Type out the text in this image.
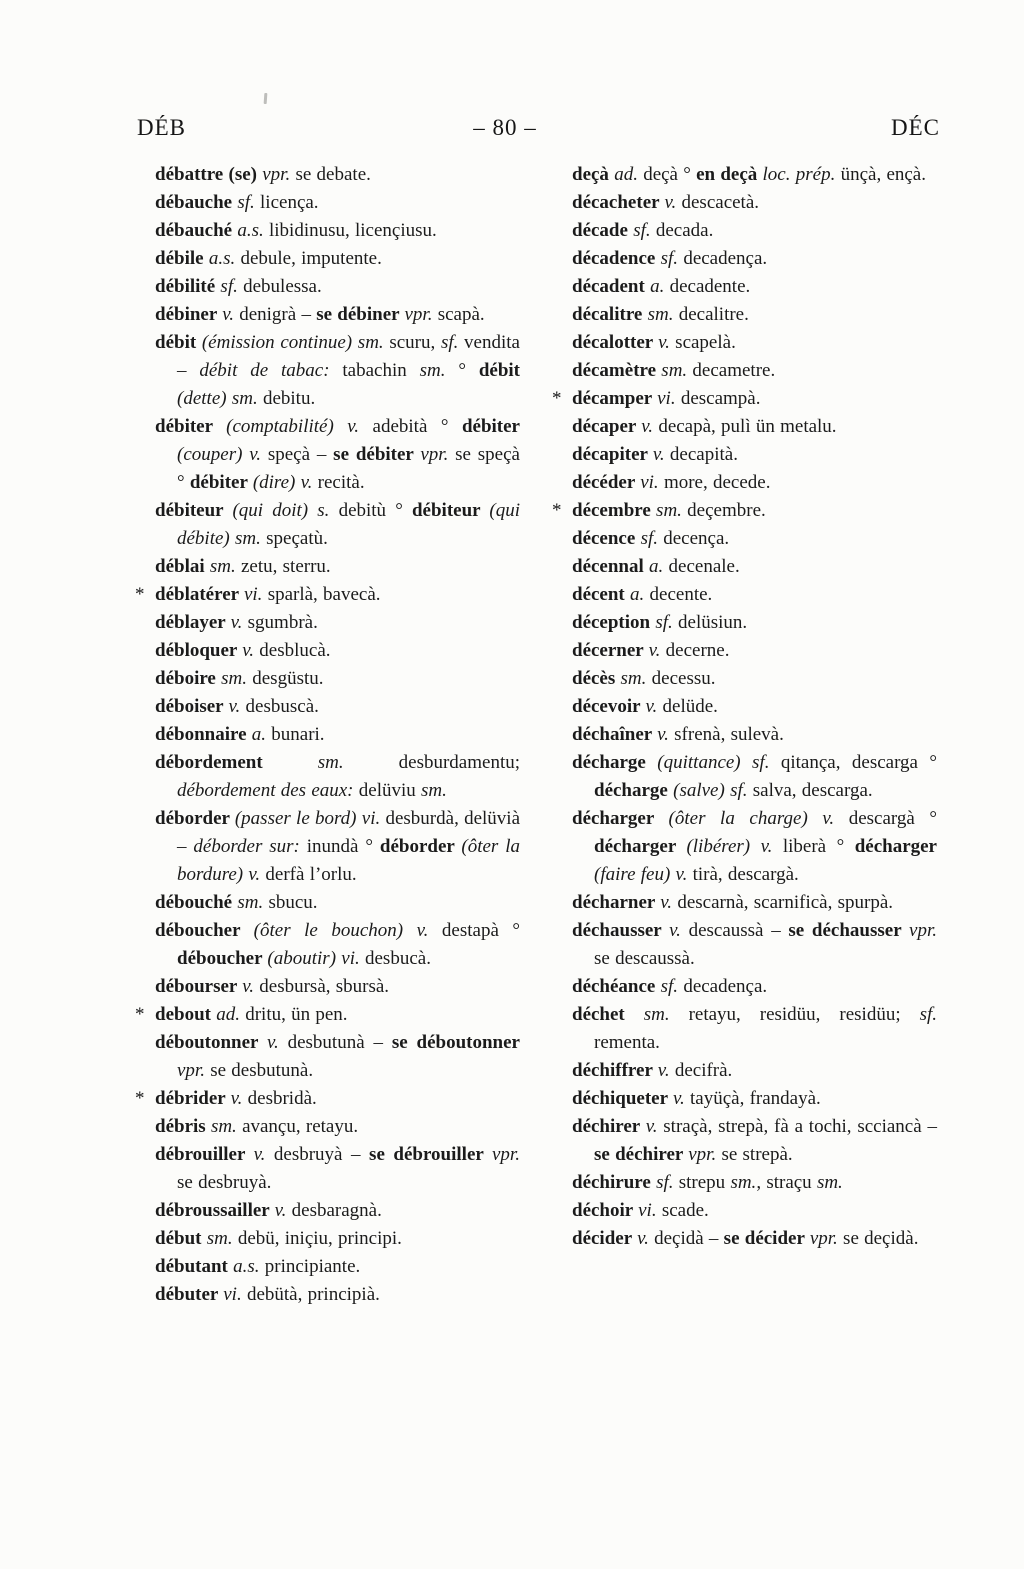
DÉB	– 80 –	DÉC

débattre (se) vpr. se debate.

débauche sf. licença.

débauché a.s. libidinusu, licençiusu.

débile a.s. debule, imputente.

débilité sf. debulessa.

débiner v. denigrà – se débiner vpr. scapà.

débit (émission continue) sm. scuru, sf. vendita – débit de tabac: tabachin sm. ° débit (dette) sm. debitu.

débiter (comptabilité) v. adebità ° débiter (couper) v. speçà – se débiter vpr. se speçà ° débiter (dire) v. recità.

débiteur (qui doit) s. debitù ° débiteur (qui débite) sm. speçatù.

déblai sm. zetu, sterru.

* déblatérer vi. sparlà, bavecà.

déblayer v. sgumbrà.

débloquer v. desblucà.

déboire sm. desgüstu.

déboiser v. desbuscà.

débonnaire a. bunari.

débordement sm. desburdamentu; débordement des eaux: delüviu sm.

déborder (passer le bord) vi. desburdà, delüvià – déborder sur: inundà ° déborder (ôter la bordure) v. derfà l’orlu.

débouché sm. sbucu.

déboucher (ôter le bouchon) v. destapà ° déboucher (aboutir) vi. desbucà.

débourser v. desbursà, sbursà.

* debout ad. dritu, ün pen.

déboutonner v. desbutunà – se déboutonner vpr. se desbutunà.

* débrider v. desbridà.

débris sm. avançu, retayu.

débrouiller v. desbruyà – se débrouiller vpr. se desbruyà.

débroussailler v. desbaragnà.

début sm. debü, iniçiu, principi.

débutant a.s. principiante.

débuter vi. debütà, principià.

deçà ad. deçà ° en deçà loc. prép. ünçà, ençà.

décacheter v. descacetà.

décade sf. decada.

décadence sf. decadença.

décadent a. decadente.

décalitre sm. decalitre.

décalotter v. scapelà.

décamètre sm. decametre.

* décamper vi. descampà.

décaper v. decapà, pulì ün metalu.

décapiter v. decapità.

décéder vi. more, decede.

* décembre sm. deçembre.

décence sf. decença.

décennal a. decenale.

décent a. decente.

déception sf. delüsiun.

décerner v. decerne.

décès sm. decessu.

décevoir v. delüde.

déchaîner v. sfrenà, sulevà.

décharge (quittance) sf. qitança, descarga ° décharge (salve) sf. salva, descarga.

décharger (ôter la charge) v. descargà ° décharger (libérer) v. liberà ° décharger (faire feu) v. tirà, descargà.

décharner v. descarnà, scarnificà, spurpà.

déchausser v. descaussà – se déchausser vpr. se descaussà.

déchéance sf. decadença.

déchet sm. retayu, residüu, residüu; sf. rementa.

déchiffrer v. decifrà.

déchiqueter v. tayüçà, frandayà.

déchirer v. straçà, strepà, fà a tochi, scciancà – se déchirer vpr. se strepà.

déchirure sf. strepu sm., straçu sm.

déchoir vi. scade.

décider v. deçidà – se décider vpr. se deçidà.
